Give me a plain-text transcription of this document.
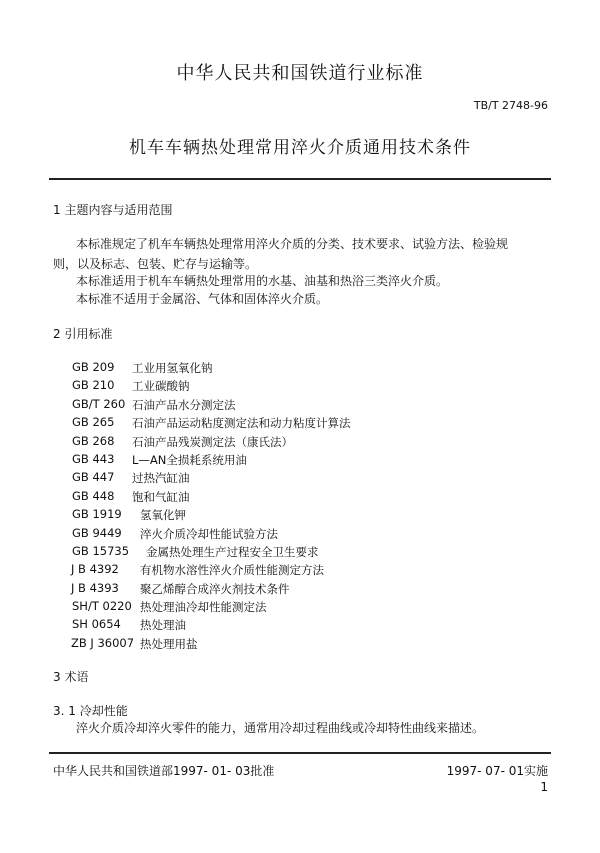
中华人民共和国铁道行业标准
TB/T 2748-96
机车车辆热处理常用淬火介质通用技术条件
1 主题内容与适用范围
本标准规定了机车车辆热处理常用淬火介质的分类、技术要求、试验方法、检验规
则，以及标志、包装、贮存与运输等。
本标准适用于机车车辆热处理常用的水基、油基和热浴三类淬火介质。
本标准不适用于金属浴、气体和固体淬火介质。
2 引用标准
GB 209 工业用氢氧化钠
GB 210 工业碳酸钠
GB/T 260 石油产品水分测定法
GB 265 石油产品运动粘度测定法和动力粘度计算法
GB 268 石油产品残炭测定法（康氏法）
GB 443 L—AN全损耗系统用油
GB 447 过热汽缸油
GB 448 饱和气缸油
GB 1919 氢氧化钾
GB 9449 淬火介质冷却性能试验方法
GB 15735 金属热处理生产过程安全卫生要求
J B 4392 有机物水溶性淬火介质性能测定方法
J B 4393 聚乙烯醇合成淬火剂技术条件
SH/T 0220 热处理油冷却性能测定法
SH 0654 热处理油
ZB J 36007 热处理用盐
3 术语
3. 1 冷却性能
淬火介质冷却淬火零件的能力，通常用冷却过程曲线或冷却特性曲线来描述。
中华人民共和国铁道部1997- 01- 03批准	1997- 07- 01实施
1
